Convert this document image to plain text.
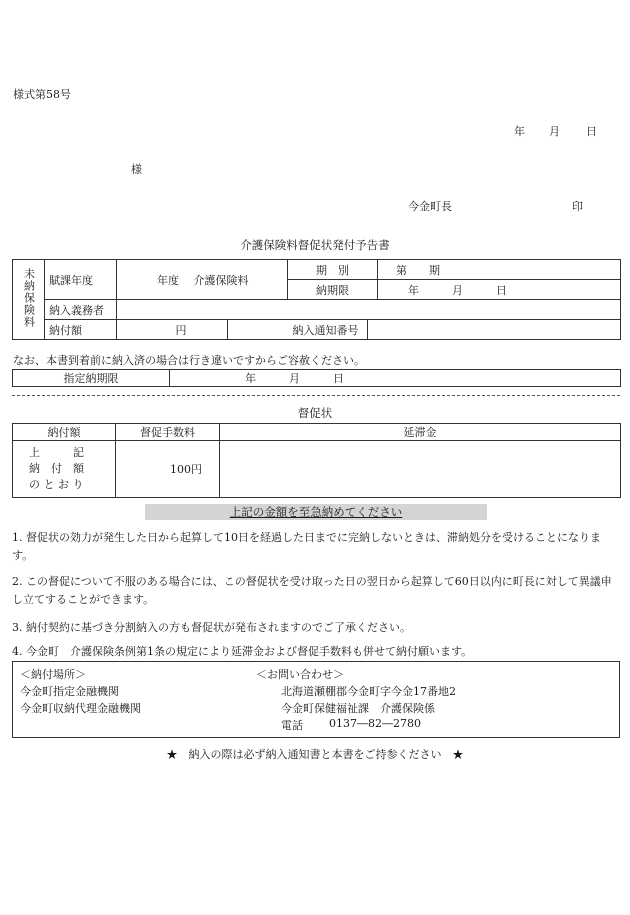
様式第58号
年 月 日
様
今金町長	印
介護保険料督促状発付予告書
未納保険料	賦課年度	年度　 介護保険料	期　別	第　　期
納期限	年　　　月　　　日
納入義務者	
納付額		円	納入通知番号	
なお、本書到着前に納入済の場合は行き違いですからご容赦ください。
指定納期限	年　　　月　　　日
督促状
納付額	督促手数料	延滞金

上　　　記
納　付　額
の と お り	100円	
上記の金額を至急納めてください
1. 督促状の効力が発生した日から起算して10日を経過した日までに完納しないときは、滞納処分を受けることになります。
2. この督促について不服のある場合には、この督促状を受け取った日の翌日から起算して60日以内に町長に対して異議申し立てすることができます。
3. 納付契約に基づき分割納入の方も督促状が発布されますのでご了承ください。
4. 今金町　介護保険条例第1条の規定により延滞金および督促手数料も併せて納付願います。
＜納付場所＞
今金町指定金融機関
今金町収納代理金融機関
＜お問い合わせ＞
北海道瀬棚郡今金町字今金17番地2
今金町保健福祉課　介護保険係
電話 0137―82―2780
★　納入の際は必ず納入通知書と本書をご持参ください　★
